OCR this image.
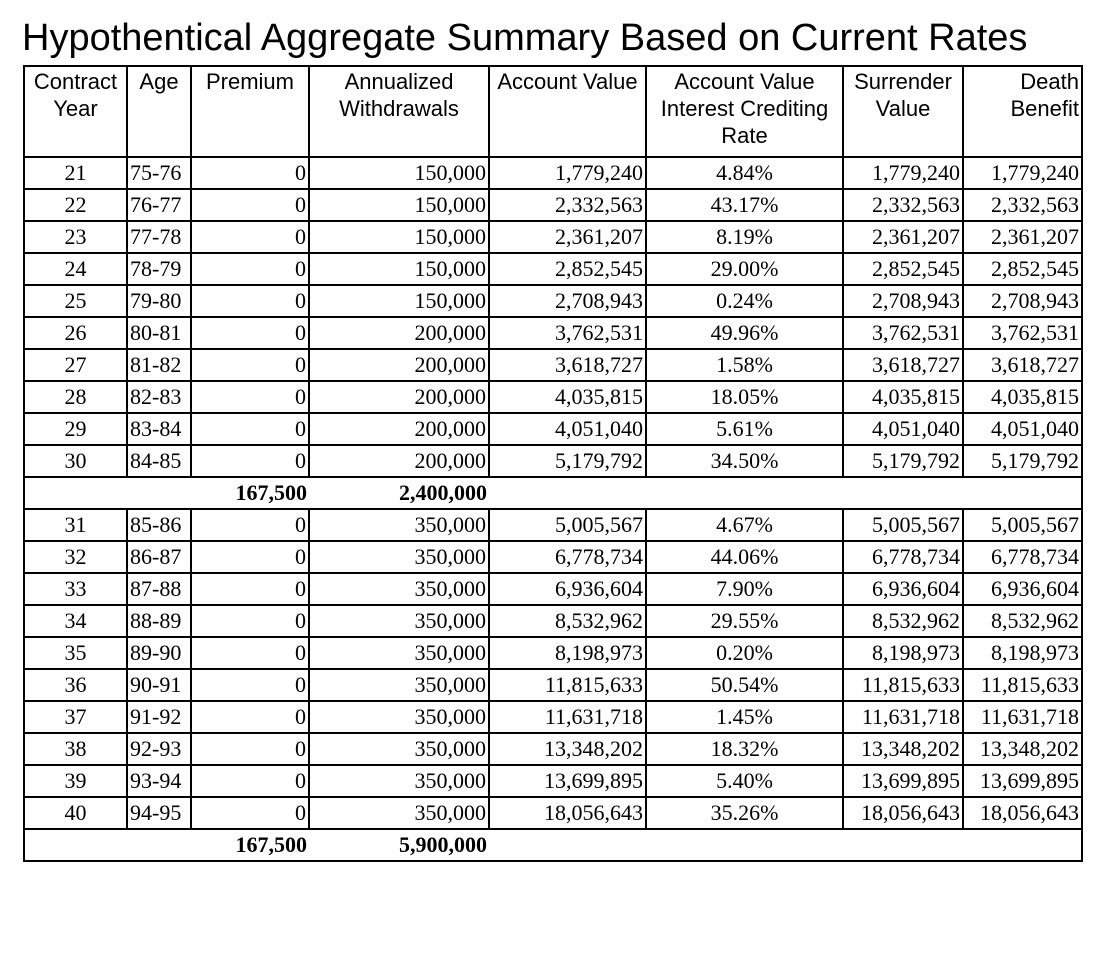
Hypothentical Aggregate Summary Based on Current Rates
Contract Year	Age	Premium	Annualized Withdrawals	Account Value	Account Value Interest Crediting Rate	Surrender Value	Death Benefit
21	75-76	0	150,000	1,779,240	4.84%	1,779,240	1,779,240
22	76-77	0	150,000	2,332,563	43.17%	2,332,563	2,332,563
23	77-78	0	150,000	2,361,207	8.19%	2,361,207	2,361,207
24	78-79	0	150,000	2,852,545	29.00%	2,852,545	2,852,545
25	79-80	0	150,000	2,708,943	0.24%	2,708,943	2,708,943
26	80-81	0	200,000	3,762,531	49.96%	3,762,531	3,762,531
27	81-82	0	200,000	3,618,727	1.58%	3,618,727	3,618,727
28	82-83	0	200,000	4,035,815	18.05%	4,035,815	4,035,815
29	83-84	0	200,000	4,051,040	5.61%	4,051,040	4,051,040
30	84-85	0	200,000	5,179,792	34.50%	5,179,792	5,179,792
		167,500	2,400,000				
31	85-86	0	350,000	5,005,567	4.67%	5,005,567	5,005,567
32	86-87	0	350,000	6,778,734	44.06%	6,778,734	6,778,734
33	87-88	0	350,000	6,936,604	7.90%	6,936,604	6,936,604
34	88-89	0	350,000	8,532,962	29.55%	8,532,962	8,532,962
35	89-90	0	350,000	8,198,973	0.20%	8,198,973	8,198,973
36	90-91	0	350,000	11,815,633	50.54%	11,815,633	11,815,633
37	91-92	0	350,000	11,631,718	1.45%	11,631,718	11,631,718
38	92-93	0	350,000	13,348,202	18.32%	13,348,202	13,348,202
39	93-94	0	350,000	13,699,895	5.40%	13,699,895	13,699,895
40	94-95	0	350,000	18,056,643	35.26%	18,056,643	18,056,643
		167,500	5,900,000				
